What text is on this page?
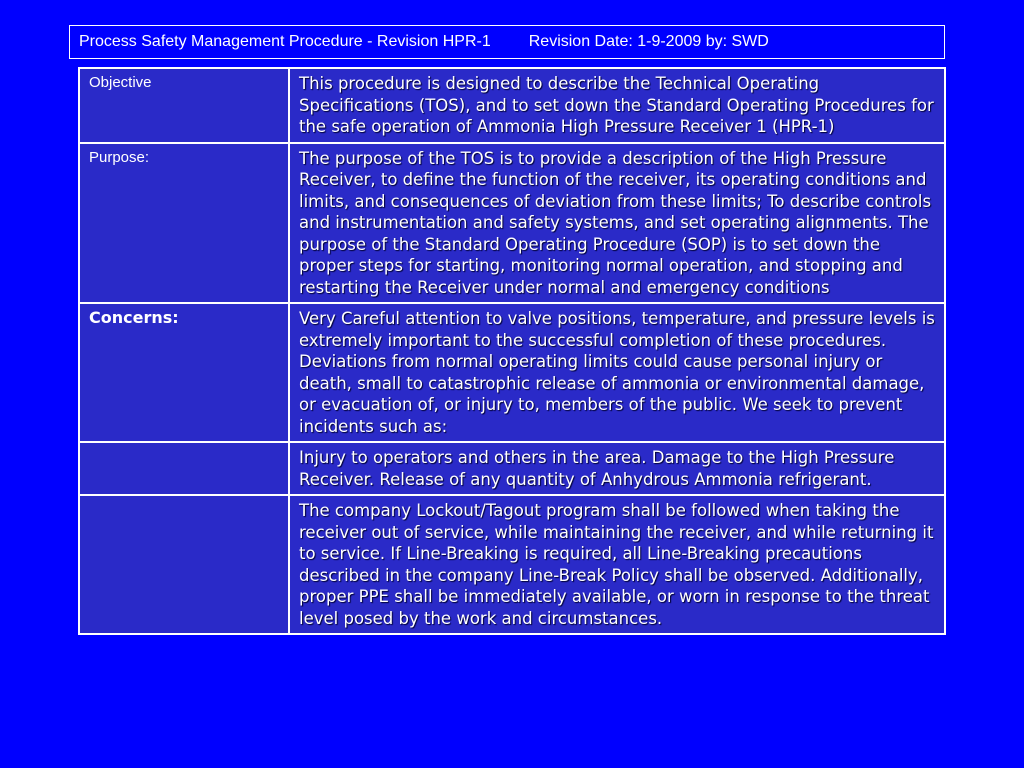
Process Safety Management Procedure - Revision HPR-1 Revision Date: 1-9-2009 by: SWD
Objective	This procedure is designed to describe the Technical Operating Specifications (TOS), and to set down the Standard Operating Procedures for the safe operation of Ammonia High Pressure Receiver 1 (HPR-1)
Purpose:	The purpose of the TOS is to provide a description of the High Pressure Receiver, to define the function of the receiver, its operating conditions and limits, and consequences of deviation from these limits; To describe controls and instrumentation and safety systems, and set operating alignments. The purpose of the Standard Operating Procedure (SOP) is to set down the proper steps for starting, monitoring normal operation, and stopping and restarting the Receiver under normal and emergency conditions
Concerns:	Very Careful attention to valve positions, temperature, and pressure levels is extremely important to the successful completion of these procedures. Deviations from normal operating limits could cause personal injury or death, small to catastrophic release of ammonia or environmental damage, or evacuation of, or injury to, members of the public. We seek to prevent incidents such as:
	Injury to operators and others in the area. Damage to the High Pressure Receiver. Release of any quantity of Anhydrous Ammonia refrigerant.
	The company Lockout/Tagout program shall be followed when taking the receiver out of service, while maintaining the receiver, and while returning it to service. If Line-Breaking is required, all Line-Breaking precautions described in the company Line-Break Policy shall be observed. Additionally, proper PPE shall be immediately available, or worn in response to the threat level posed by the work and circumstances.
